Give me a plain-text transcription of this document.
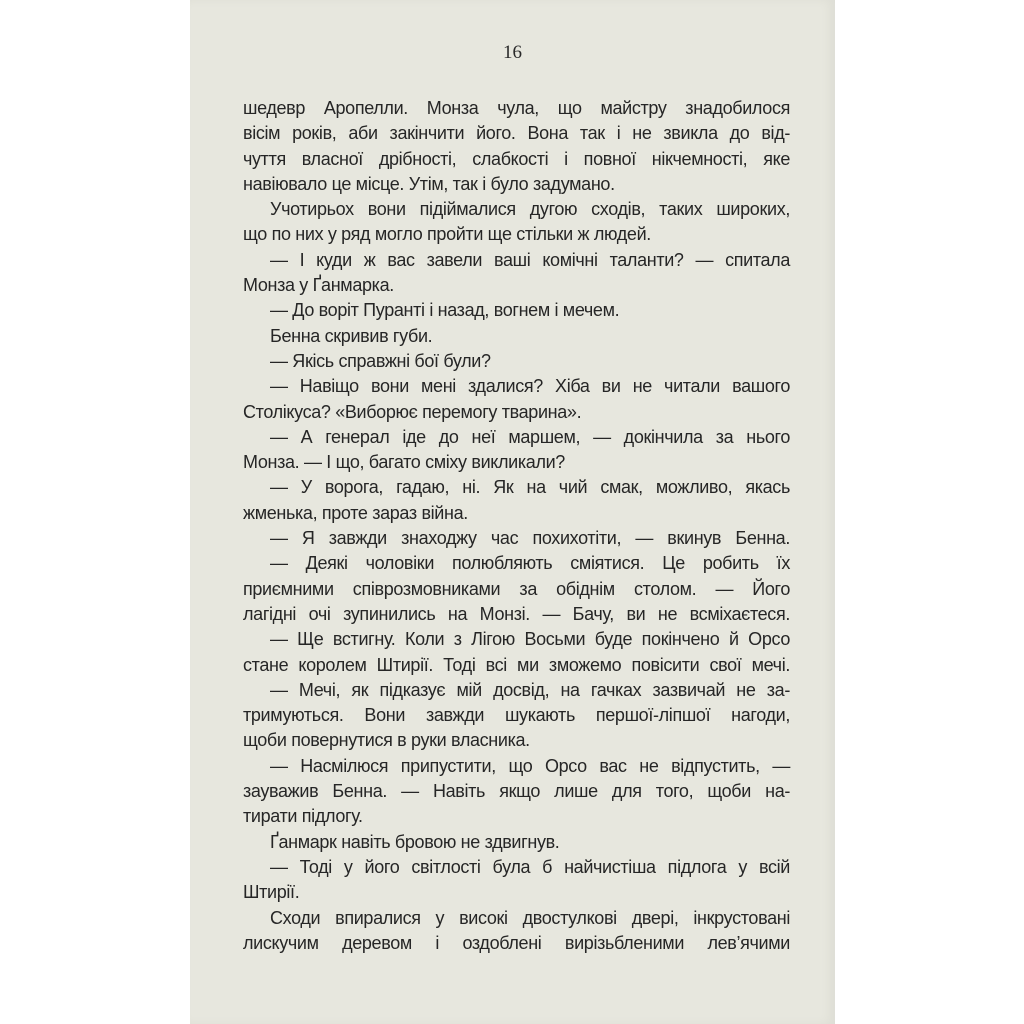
16
шедевр Аропелли. Монза чула, що майстру знадобилося
вісім років, аби закінчити його. Вона так і не звикла до від-
чуття власної дрібності, слабкості і повної нікчемності, яке
навіювало це місце. Утім, так і було задумано.
Учотирьох вони підіймалися дугою сходів, таких широких,
що по них у ряд могло пройти ще стільки ж людей.
— І куди ж вас завели ваші комічні таланти? — спитала
Монза у Ґанмарка.
— До воріт Пуранті і назад, вогнем і мечем.
Бенна скривив губи.
— Якісь справжні бої були?
— Навіщо вони мені здалися? Хіба ви не читали вашого
Столікуса? «Виборює перемогу тварина».
— А генерал іде до неї маршем, — докінчила за нього
Монза. — І що, багато сміху викликали?
— У ворога, гадаю, ні. Як на чий смак, можливо, якась
жменька, проте зараз війна.
— Я завжди знаходжу час похихотіти, — вкинув Бенна.
— Деякі чоловіки полюбляють сміятися. Це робить їх
приємними співрозмовниками за обіднім столом. — Його
лагідні очі зупинились на Монзі. — Бачу, ви не всміхаєтеся.
— Ще встигну. Коли з Лігою Восьми буде покінчено й Орсо
стане королем Штирії. Тоді всі ми зможемо повісити свої мечі.
— Мечі, як підказує мій досвід, на гачках зазвичай не за-
тримуються. Вони завжди шукають першої-ліпшої нагоди,
щоби повернутися в руки власника.
— Насмілюся припустити, що Орсо вас не відпустить, —
зауважив Бенна. — Навіть якщо лише для того, щоби на-
тирати підлогу.
Ґанмарк навіть бровою не здвигнув.
— Тоді у його світлості була б найчистіша підлога у всій
Штирії.
Сходи впиралися у високі двостулкові двері, інкрустовані
лискучим деревом і оздоблені вирізьбленими лев’ячими
